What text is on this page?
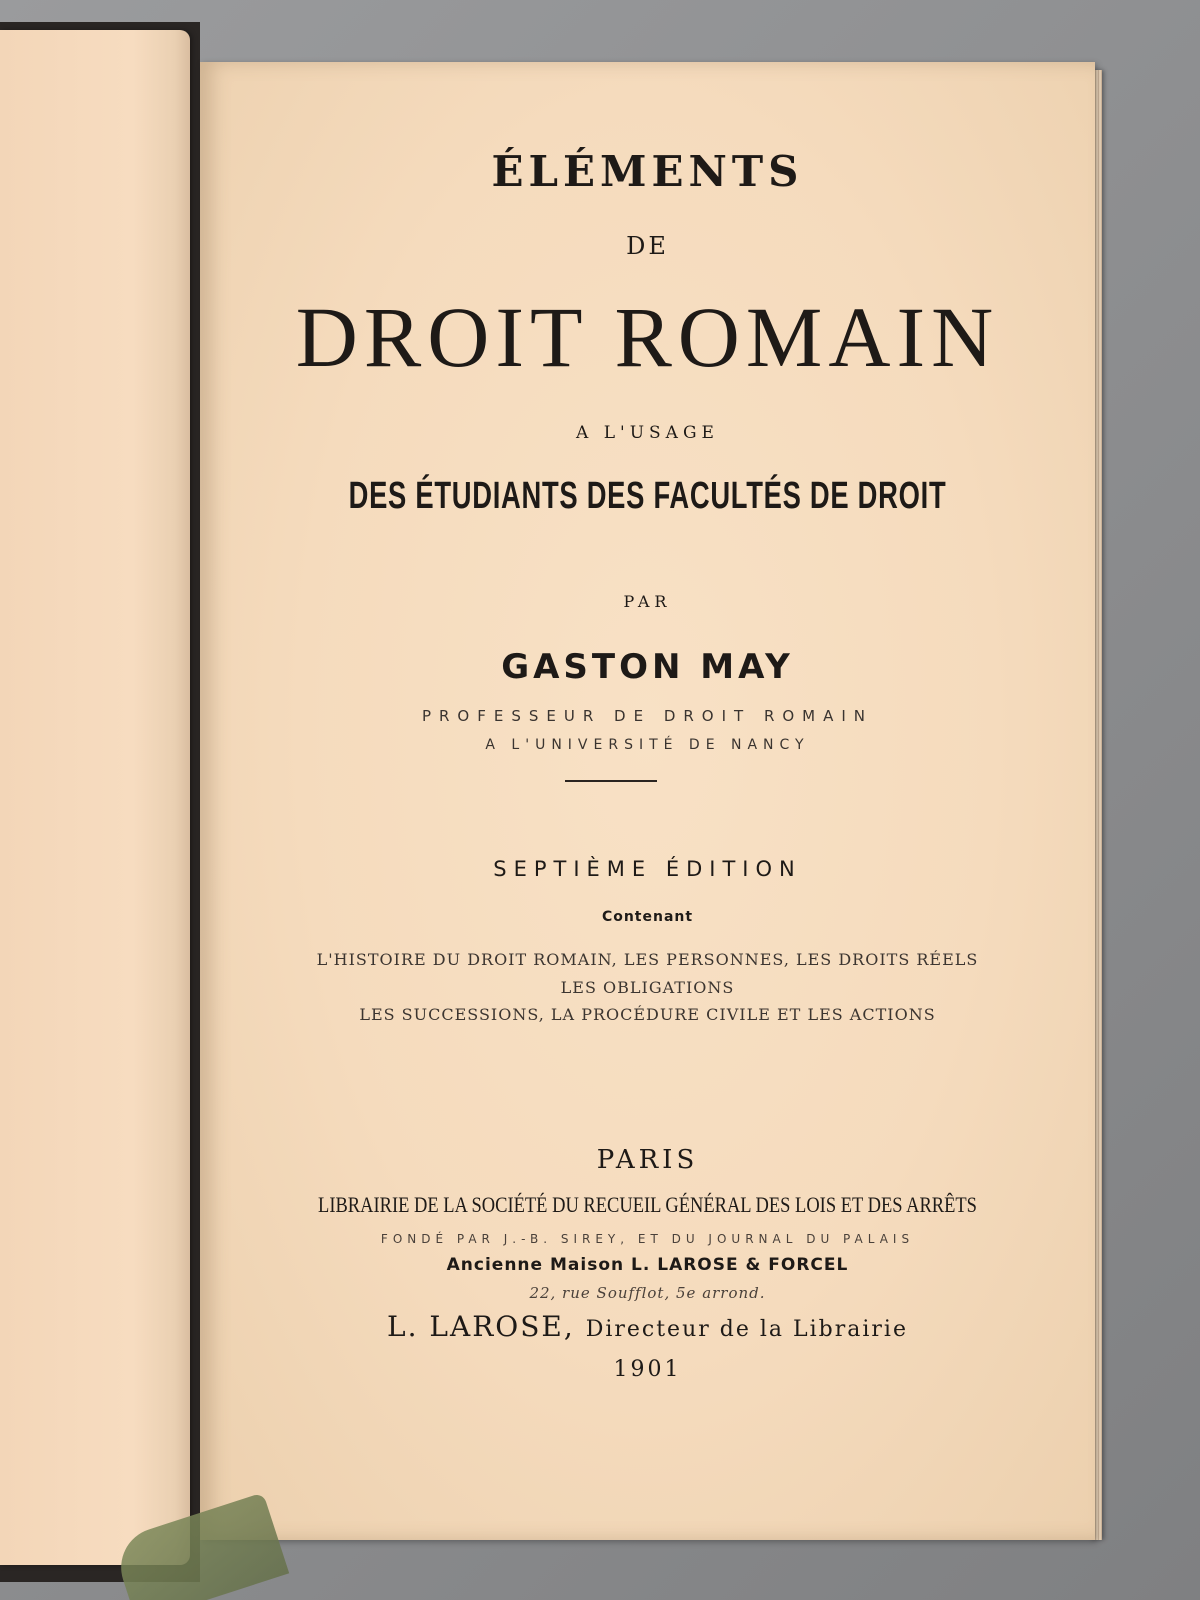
ÉLÉMENTS
DE
DROIT ROMAIN
A L'USAGE
DES ÉTUDIANTS DES FACULTÉS DE DROIT
PAR
GASTON MAY
PROFESSEUR DE DROIT ROMAIN
A L'UNIVERSITÉ DE NANCY
SEPTIÈME ÉDITION
Contenant
L'HISTOIRE DU DROIT ROMAIN, LES PERSONNES, LES DROITS RÉELS
LES OBLIGATIONS
LES SUCCESSIONS, LA PROCÉDURE CIVILE ET LES ACTIONS
PARIS
LIBRAIRIE DE LA SOCIÉTÉ DU RECUEIL GÉNÉRAL DES LOIS ET DES ARRÊTS
FONDÉ PAR J.-B. SIREY, ET DU JOURNAL DU PALAIS
Ancienne Maison L. LAROSE & FORCEL
22, rue Soufflot, 5e arrond.
L. LAROSE, Directeur de la Librairie
1901
